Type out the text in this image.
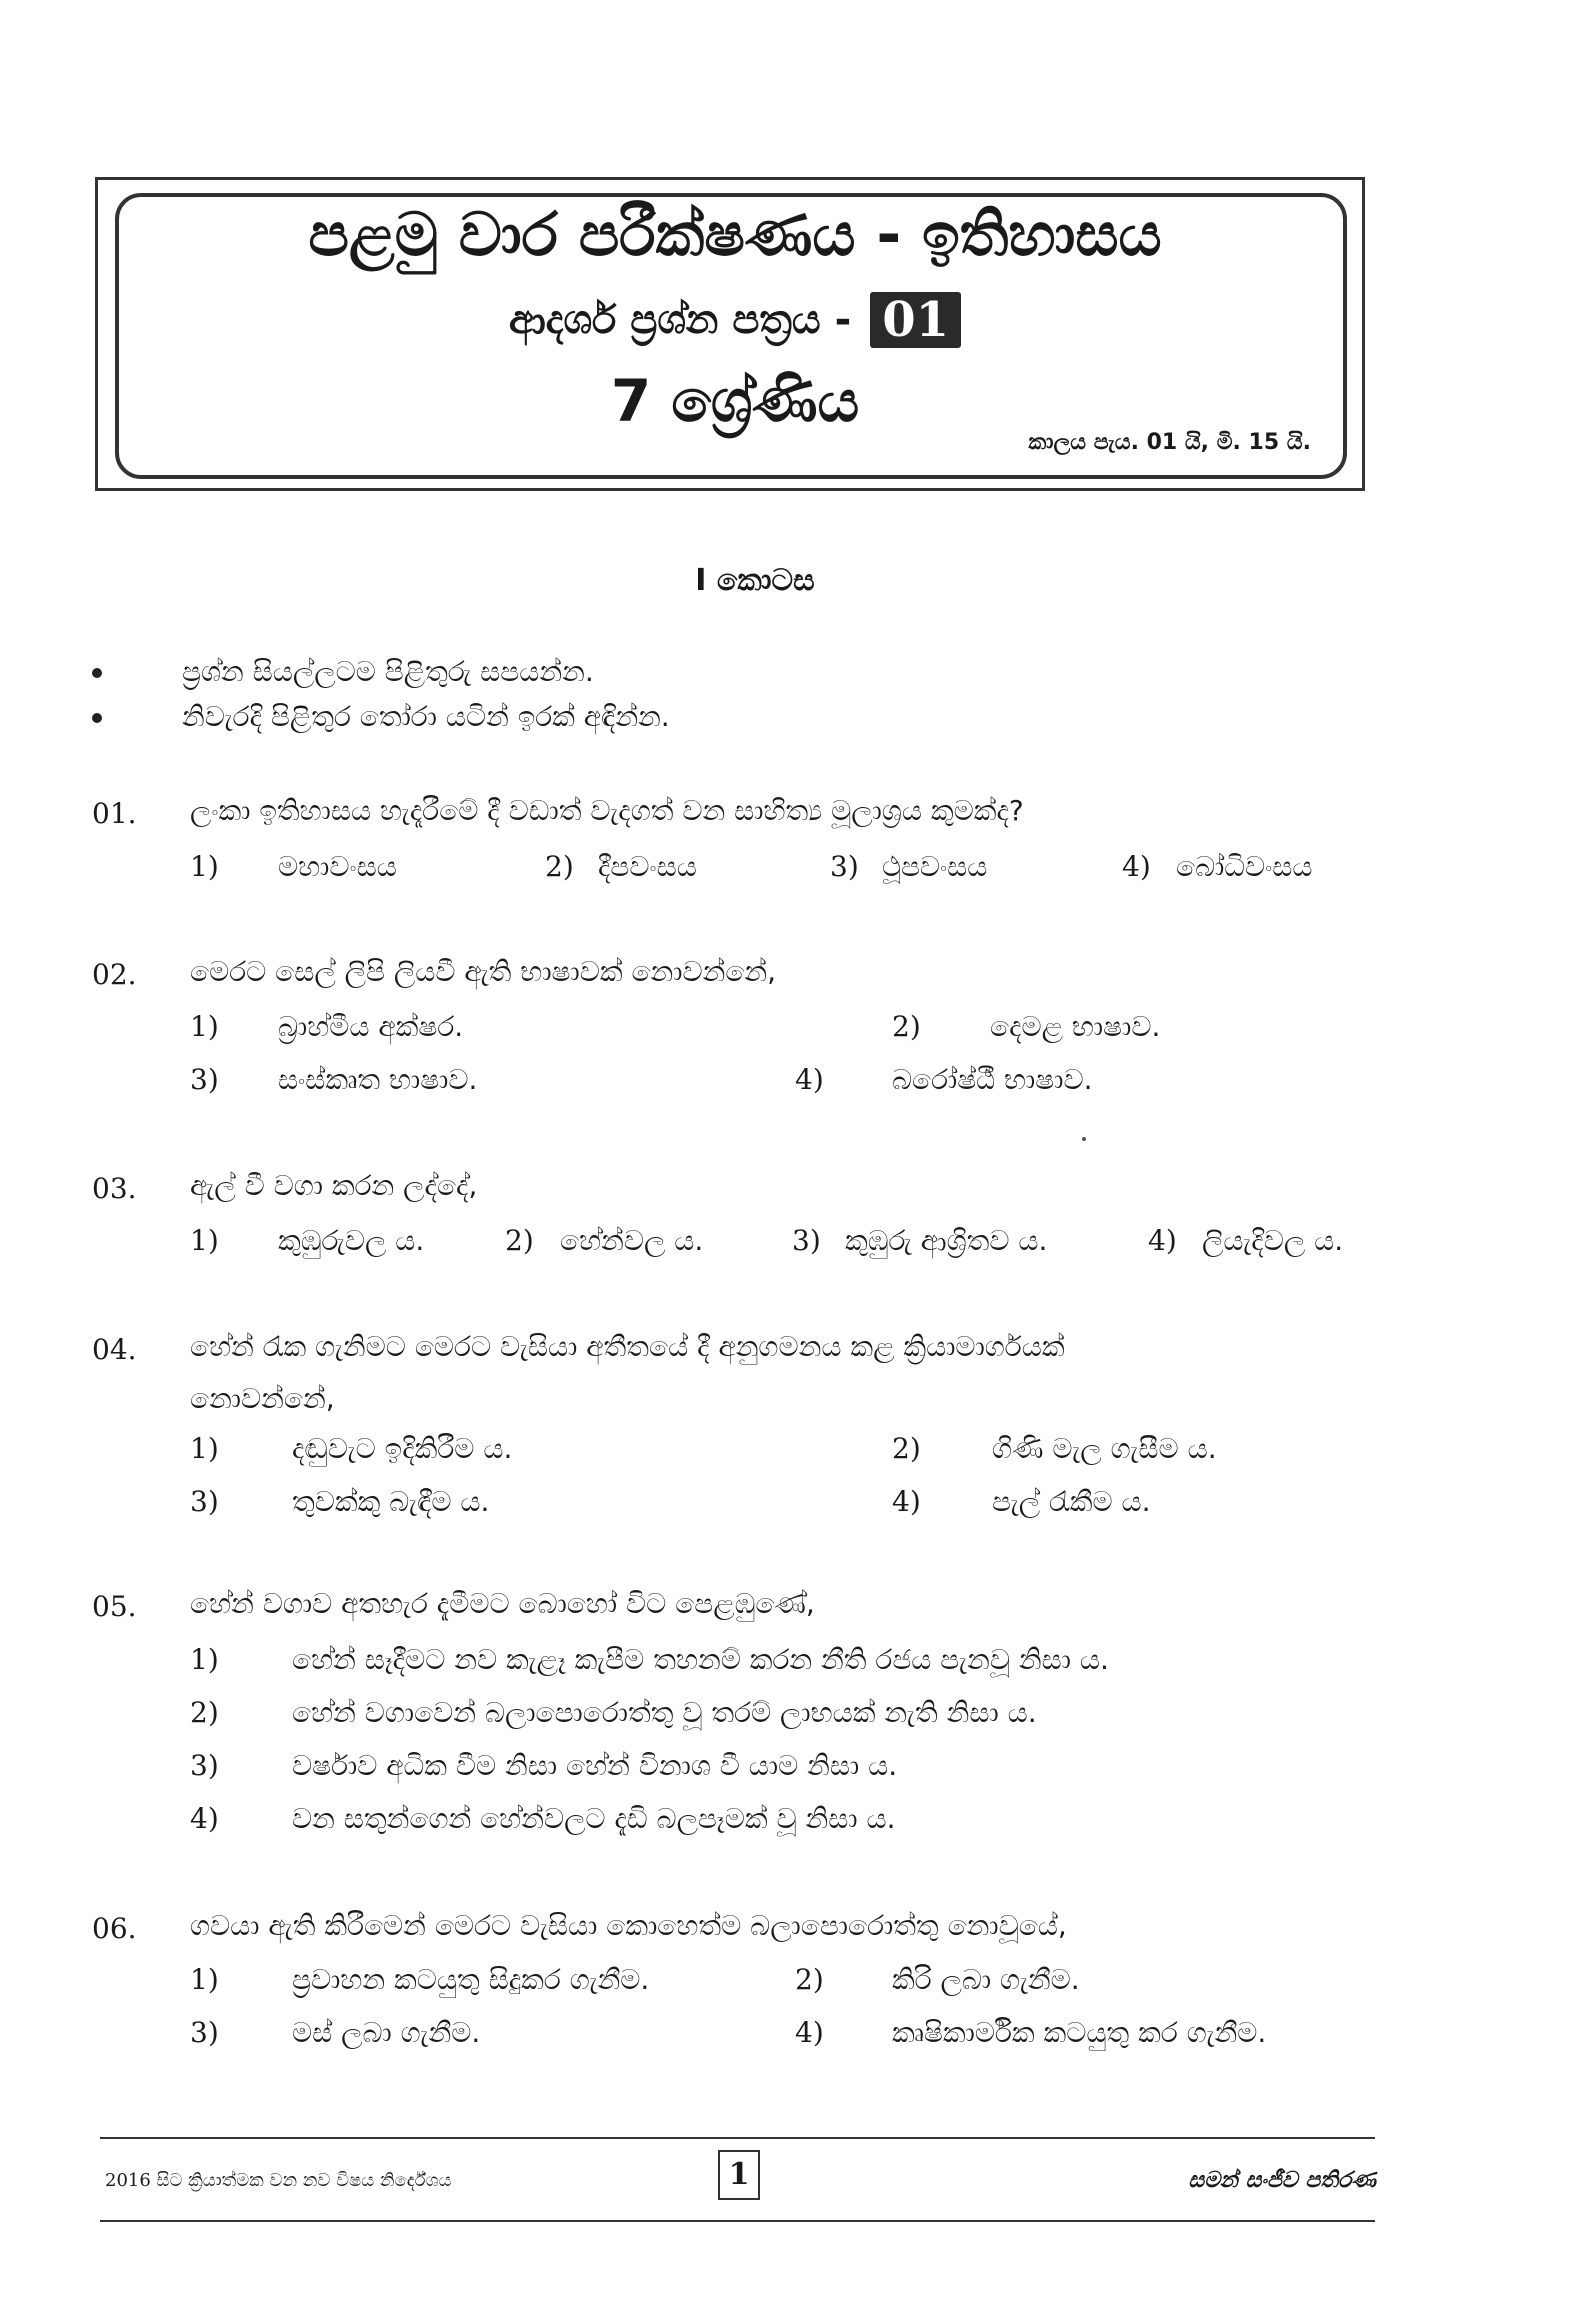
පළමු වාර පරීක්ෂණය - ඉතිහාසය
ආදර්ශ ප්‍රශ්න පත්‍රය - 01
7 ශ්‍රේණිය
කාලය පැය. 01 යි, මි. 15 යි.
I කොටස
ප්‍රශ්න සියල්ලටම පිළිතුරු සපයන්න.
නිවැරදි පිළිතුර තෝරා යටින් ඉරක් අඳින්න.
01. ලංකා ඉතිහාසය හැදෑරීමේ දී වඩාත් වැදගත් වන සාහිත්‍ය මූලාශ්‍රය කුමක්ද?
1) මහාවංසය	2) දීපවංසය	3) ථූපවංසය	4) බෝධිවංසය
02. මෙරට සෙල් ලිපි ලියවී ඇති භාෂාවක් නොවන්නේ,
1) බ්‍රාහ්මීය අක්ෂර.	2) දෙමළ භාෂාව.
3) සංස්කෘත භාෂාව.	4) බරෝෂ්ඨී භාෂාව.
03. ඇල් වී වගා කරන ලද්දේ,
1) කුඹුරුවල ය.	2) හේන්වල ය.	3) කුඹුරු ආශ්‍රිතව ය.	4) ලියැදිවල ය.
04. හේන් රැක ගැනිමට මෙරට වැසියා අතීතයේ දී අනුගමනය කළ ක්‍රියාමාර්ගයක්
නොවන්නේ,
1)	දඬුවැට ඉදිකිරීම ය.	2)	ගිණි මැල ගැසීම ය.
3)	තුවක්කු බැඳීම ය.	4)	පැල් රැකීම ය.
05. හේන් වගාව අතහැර දැමීමට බොහෝ විට පෙළඹුණේ,
1)	හේන් සෑදීමට නව කැළෑ කැපීම තහනම් කරන නීති රජය පැනවූ නිසා ය.
2)	හේන් වගාවෙන් බලාපොරොත්තු වූ තරම් ලාභයක් නැති නිසා ය.
3)	වර්ෂාව අධික වීම නිසා හේන් විනාශ වී යාම නිසා ය.
4)	වන සතුන්ගෙන් හේන්වලට දැඩි බලපෑමක් වූ නිසා ය.
06. ගවයා ඇති කිරීමෙන් මෙරට වැසියා කොහෙත්ම බලාපොරොත්තු නොවූයේ,
1)	ප්‍රවාහන කටයුතු සිදුකර ගැනීම.	2) කිරි ලබා ගැනීම.
3)	මස් ලබා ගැනීම.	4) කෘෂිකාර්මික කටයුතු කර ගැනීම.
2016 සිට ක්‍රියාත්මක වන නව විෂය නිර්දේශය	1	සමන් සංජීව පතිරණ
